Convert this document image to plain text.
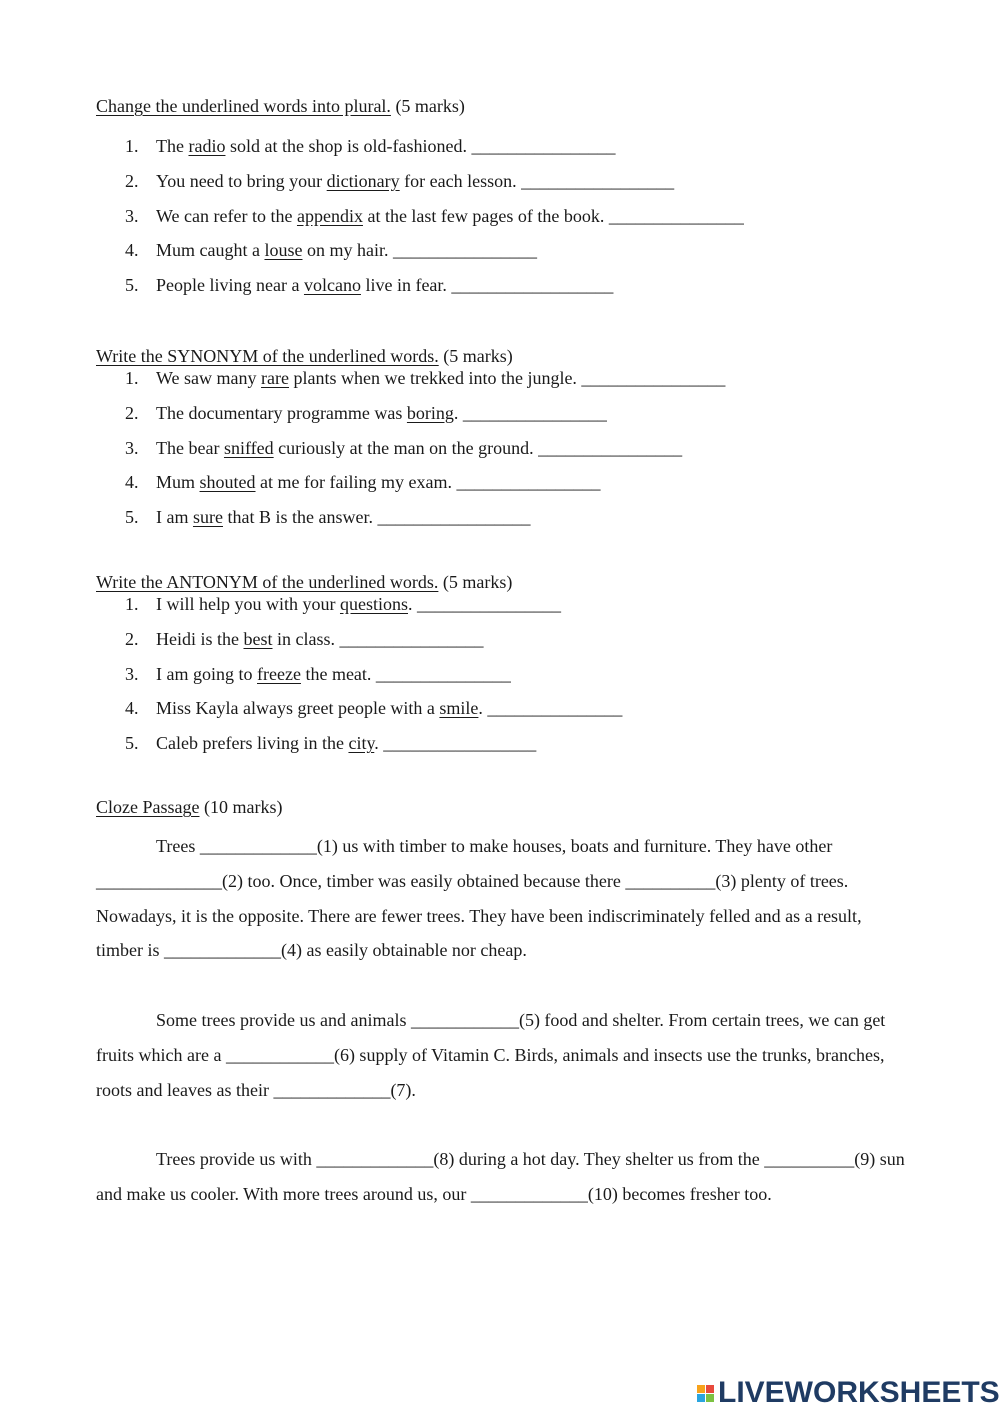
Change the underlined words into plural. (5 marks)
1. The radio sold at the shop is old-fashioned. ________________
2. You need to bring your dictionary for each lesson. _________________
3. We can refer to the appendix at the last few pages of the book. _______________
4. Mum caught a louse on my hair. ________________
5. People living near a volcano live in fear. __________________
Write the SYNONYM of the underlined words. (5 marks)
1. We saw many rare plants when we trekked into the jungle. ________________
2. The documentary programme was boring. ________________
3. The bear sniffed curiously at the man on the ground. ________________
4. Mum shouted at me for failing my exam. ________________
5. I am sure that B is the answer. _________________
Write the ANTONYM of the underlined words. (5 marks)
1. I will help you with your questions. ________________
2. Heidi is the best in class. ________________
3. I am going to freeze the meat. _______________
4. Miss Kayla always greet people with a smile. _______________
5. Caleb prefers living in the city. _________________
Cloze Passage (10 marks)

Trees _____________(1) us with timber to make houses, boats and furniture. They have other ______________(2) too. Once, timber was easily obtained because there __________(3) plenty of trees. Nowadays, it is the opposite. There are fewer trees. They have been indiscriminately felled and as a result, timber is _____________(4) as easily obtainable nor cheap.

Some trees provide us and animals ____________(5) food and shelter. From certain trees, we can get fruits which are a ____________(6) supply of Vitamin C. Birds, animals and insects use the trunks, branches, roots and leaves as their _____________(7).

Trees provide us with _____________(8) during a hot day. They shelter us from the __________(9) sun and make us cooler. With more trees around us, our _____________(10) becomes fresher too.

LIVEWORKSHEETS
